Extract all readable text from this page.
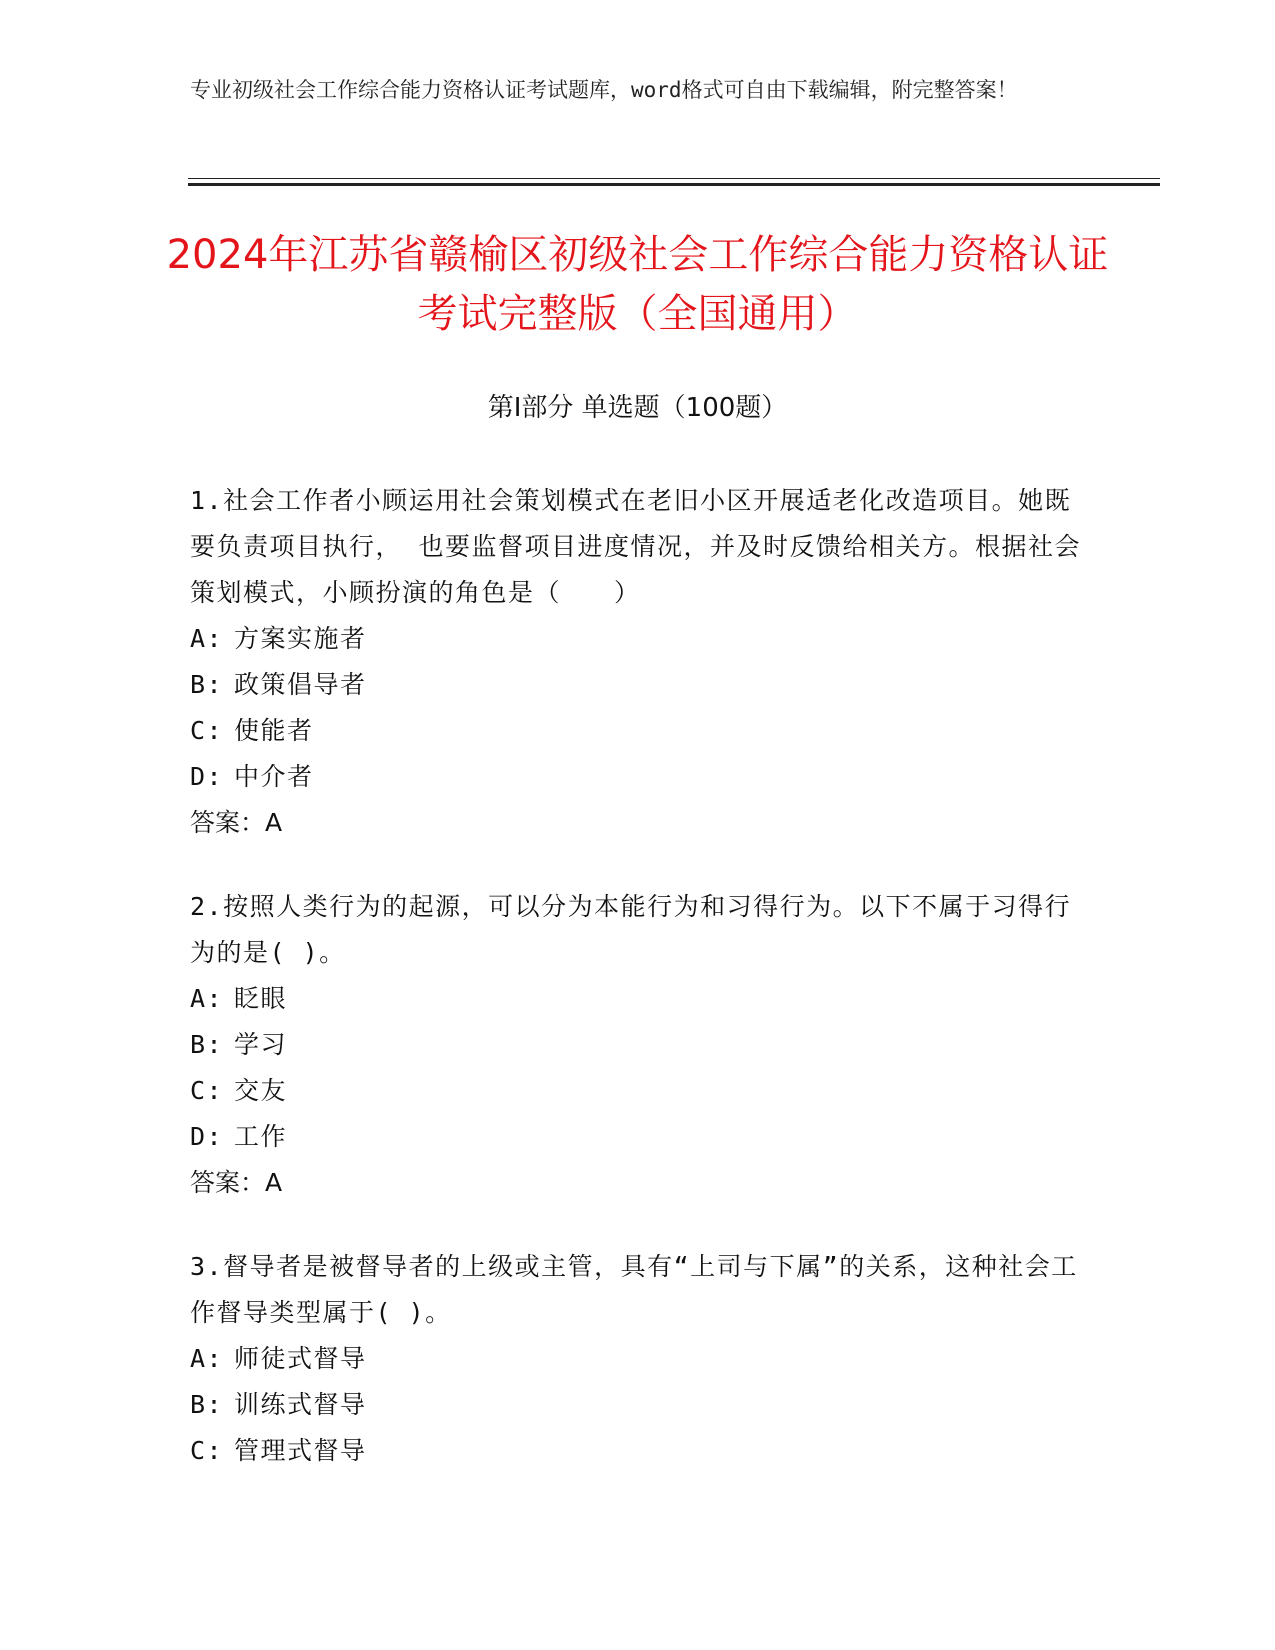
专业初级社会工作综合能力资格认证考试题库，word格式可自由下载编辑，附完整答案！
2024年江苏省赣榆区初级社会工作综合能力资格认证考试完整版（全国通用）
第Ⅰ部分 单选题（100题）
1.社会工作者小顾运用社会策划模式在老旧小区开展适老化改造项目。她既要负责项目执行， 也要监督项目进度情况，并及时反馈给相关方。根据社会策划模式，小顾扮演的角色是（　　）
A: 方案实施者
B: 政策倡导者
C: 使能者
D: 中介者
答案：A
2.按照人类行为的起源，可以分为本能行为和习得行为。以下不属于习得行为的是( )。
A: 眨眼
B: 学习
C: 交友
D: 工作
答案：A
3.督导者是被督导者的上级或主管，具有“上司与下属”的关系，这种社会工作督导类型属于( )。
A: 师徒式督导
B: 训练式督导
C: 管理式督导
